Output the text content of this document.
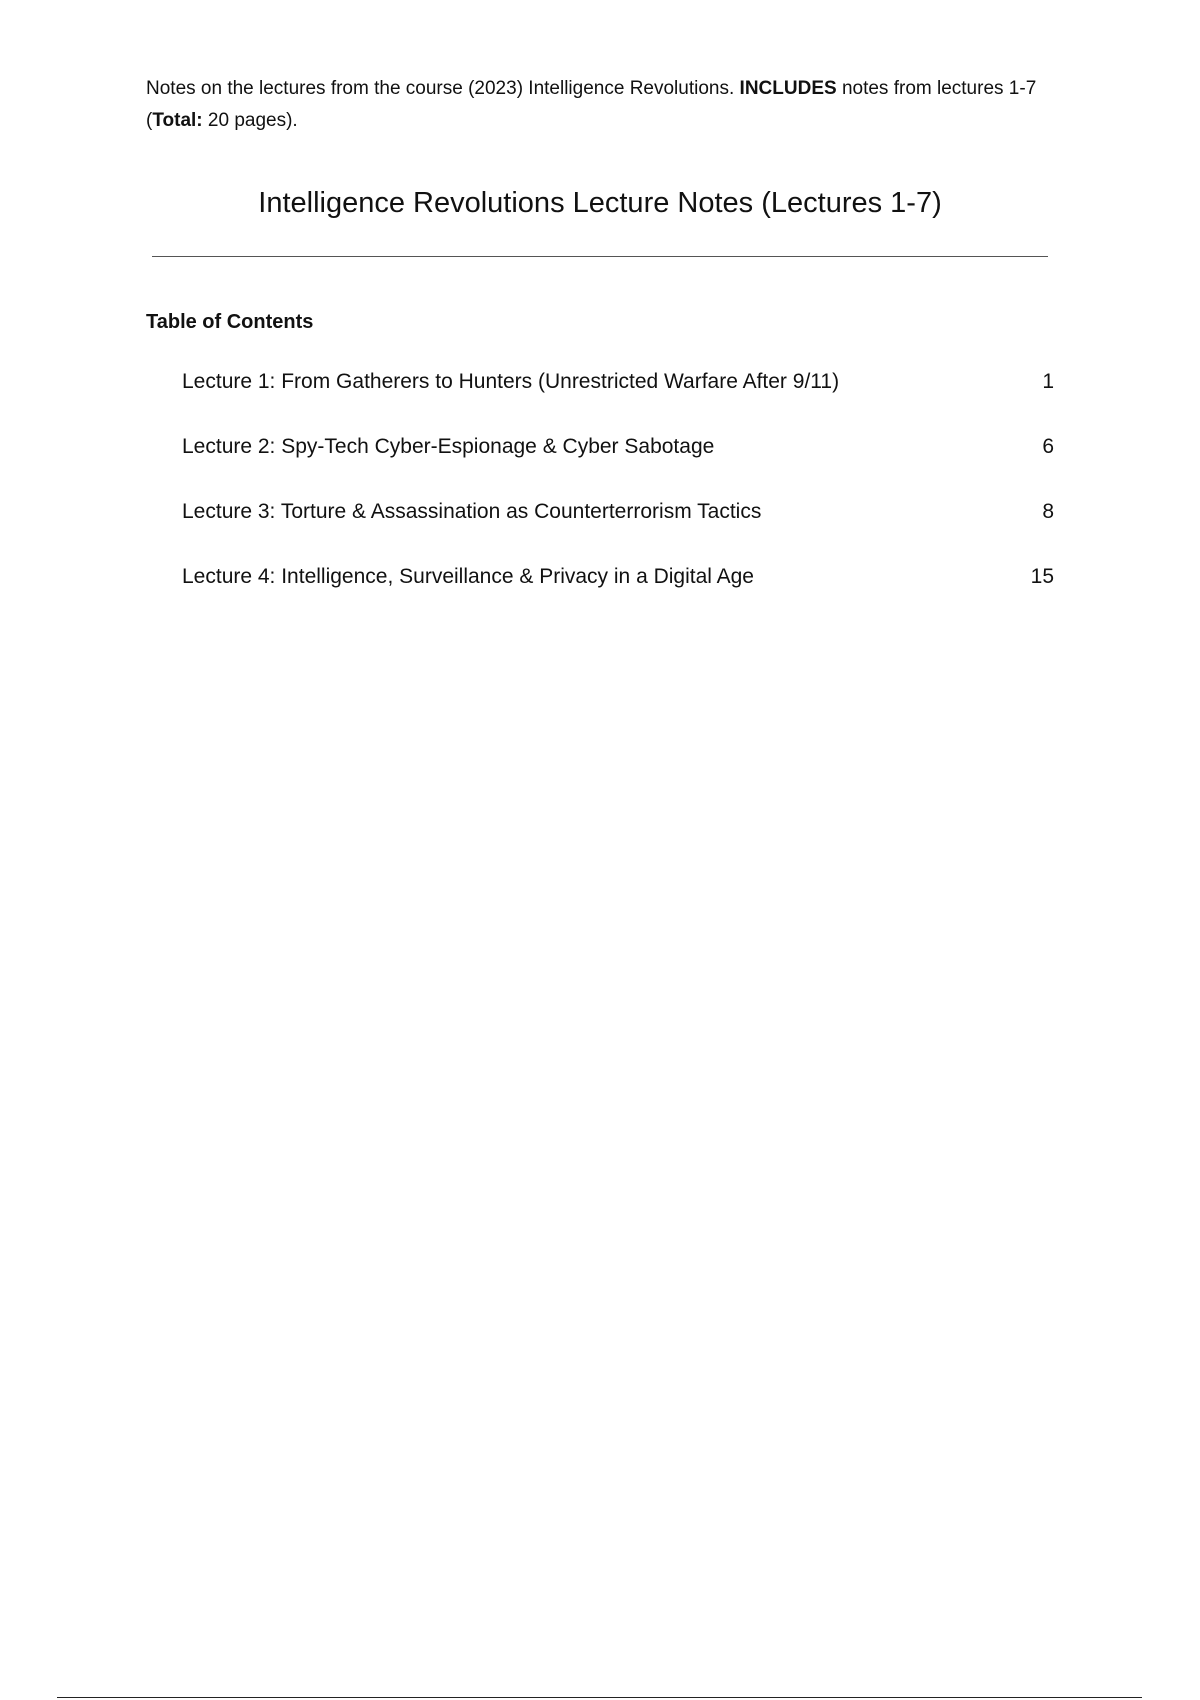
Notes on the lectures from the course (2023) Intelligence Revolutions. INCLUDES notes from lectures 1-7 (Total: 20 pages).

Intelligence Revolutions Lecture Notes (Lectures 1-7)
Table of Contents
Lecture 1: From Gatherers to Hunters (Unrestricted Warfare After 9/11)	1
Lecture 2: Spy-Tech Cyber-Espionage & Cyber Sabotage	6
Lecture 3: Torture & Assassination as Counterterrorism Tactics	8
Lecture 4: Intelligence, Surveillance & Privacy in a Digital Age	15
